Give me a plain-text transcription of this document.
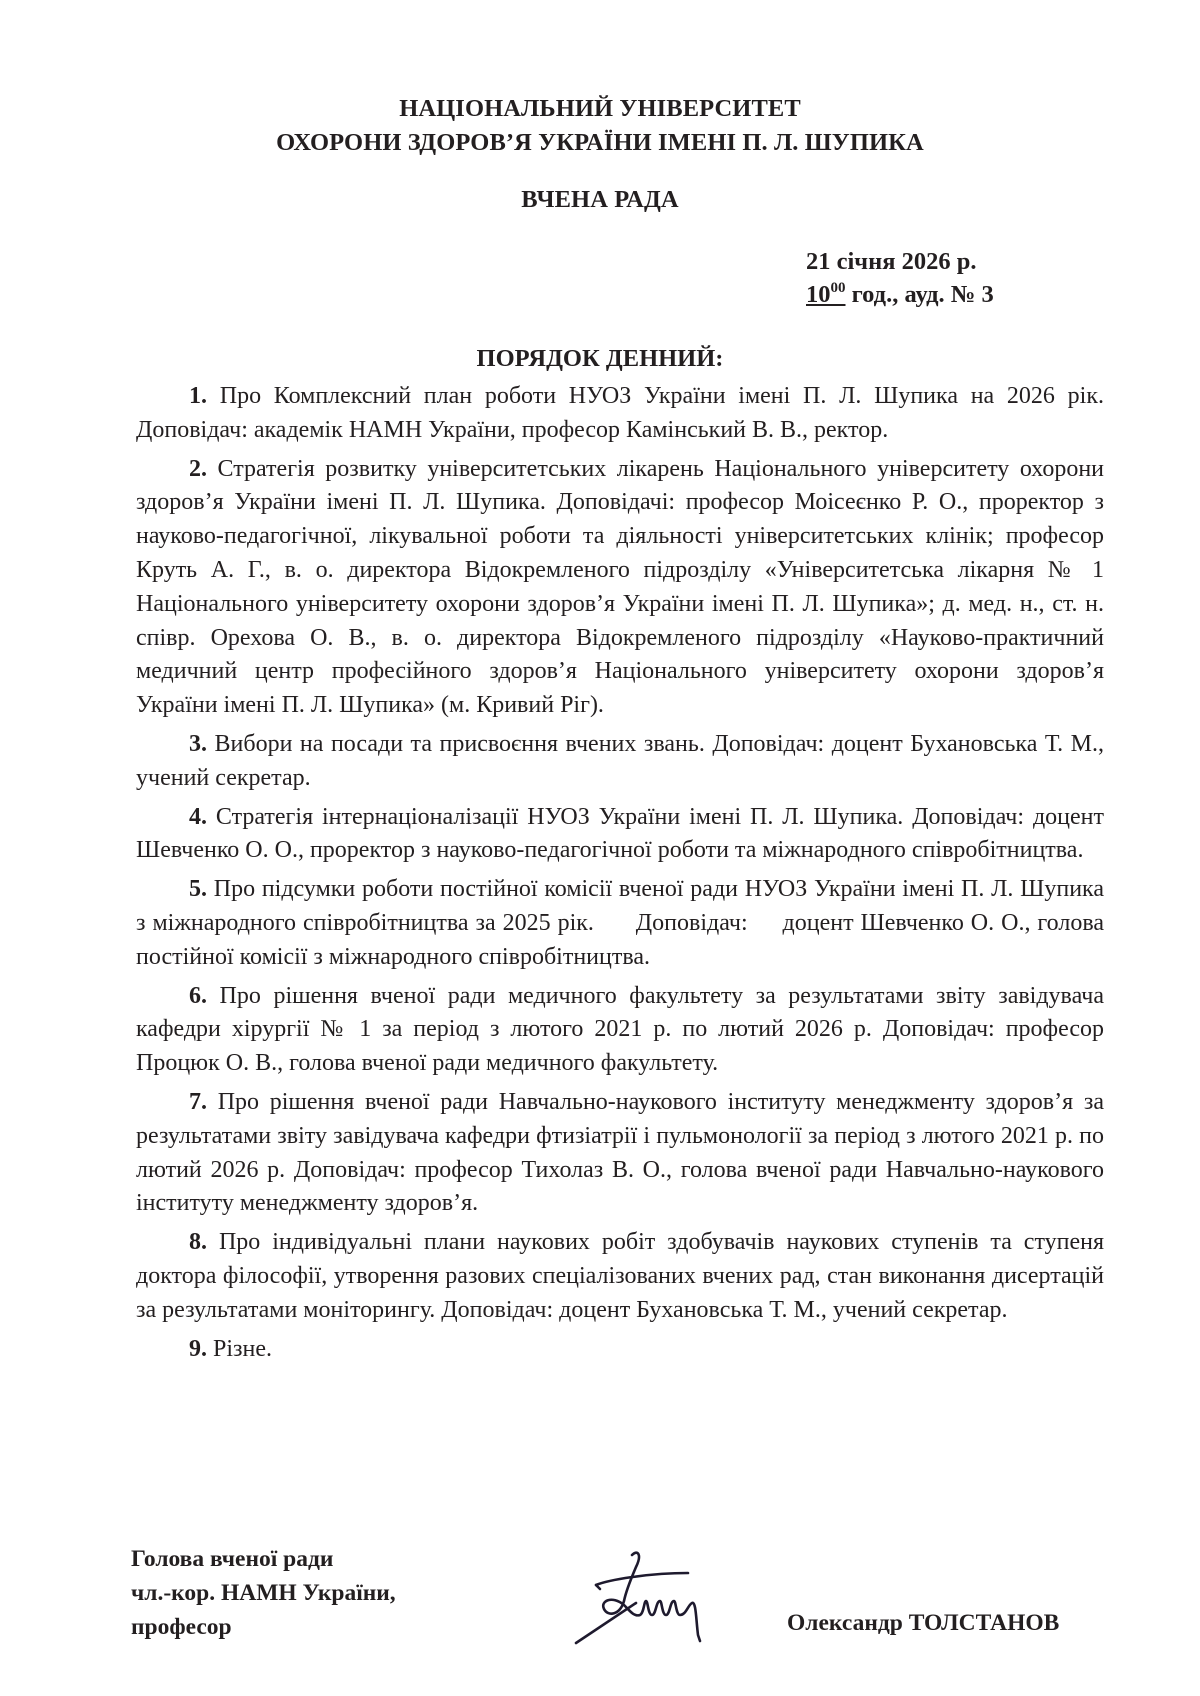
НАЦІОНАЛЬНИЙ УНІВЕРСИТЕТ
ОХОРОНИ ЗДОРОВ’Я УКРАЇНИ ІМЕНІ П. Л. ШУПИКА
ВЧЕНА РАДА
21 січня 2026 р.
$10^{00}$ год., ауд. № 3
ПОРЯДОК ДЕННИЙ:

1. Про Комплексний план роботи НУОЗ України імені П. Л. Шупика на 2026 рік. Доповідач: академік НАМН України, професор Камінський В. В., ректор.

2. Стратегія розвитку університетських лікарень Національного університету охорони здоров’я України імені П. Л. Шупика. Доповідачі: професор Моісеєнко Р. О., проректор з науково-педагогічної, лікувальної роботи та діяльності університетських клінік; професор Круть А. Г., в. о. директора Відокремленого підрозділу «Університетська лікарня № 1 Національного університету охорони здоров’я України імені П. Л. Шупика»; д. мед. н., ст. н. співр. Орехова О. В., в. о. директора Відокремленого підрозділу «Науково-практичний медичний центр професійного здоров’я Національного університету охорони здоров’я України імені П. Л. Шупика» (м. Кривий Ріг).

3. Вибори на посади та присвоєння вчених звань. Доповідач: доцент Бухановська Т. М., учений секретар.

4. Стратегія інтернаціоналізації НУОЗ України імені П. Л. Шупика. Доповідач: доцент Шевченко О. О., проректор з науково-педагогічної роботи та міжнародного співробітництва.

5. Про підсумки роботи постійної комісії вченої ради НУОЗ України імені П. Л. Шупика з міжнародного співробітництва за 2025 рік.      Доповідач:     доцент Шевченко О. О., голова постійної комісії з міжнародного співробітництва.

6. Про рішення вченої ради медичного факультету за результатами звіту завідувача кафедри хірургії № 1 за період з лютого 2021 р. по лютий 2026 р. Доповідач: професор Процюк О. В., голова вченої ради медичного факультету.

7. Про рішення вченої ради Навчально-наукового інституту менеджменту здоров’я за результатами звіту завідувача кафедри фтизіатрії і пульмонології за період з лютого 2021 р. по лютий 2026 р. Доповідач: професор Тихолаз В. О., голова вченої ради Навчально-наукового інституту менеджменту здоров’я.

8. Про індивідуальні плани наукових робіт здобувачів наукових ступенів та ступеня доктора філософії, утворення разових спеціалізованих вчених рад, стан виконання дисертацій за результатами моніторингу. Доповідач: доцент Бухановська Т. М., учений секретар.

9. Різне.

Голова вченої ради
чл.-кор. НАМН України,
професор	Олександр ТОЛСТАНОВ
